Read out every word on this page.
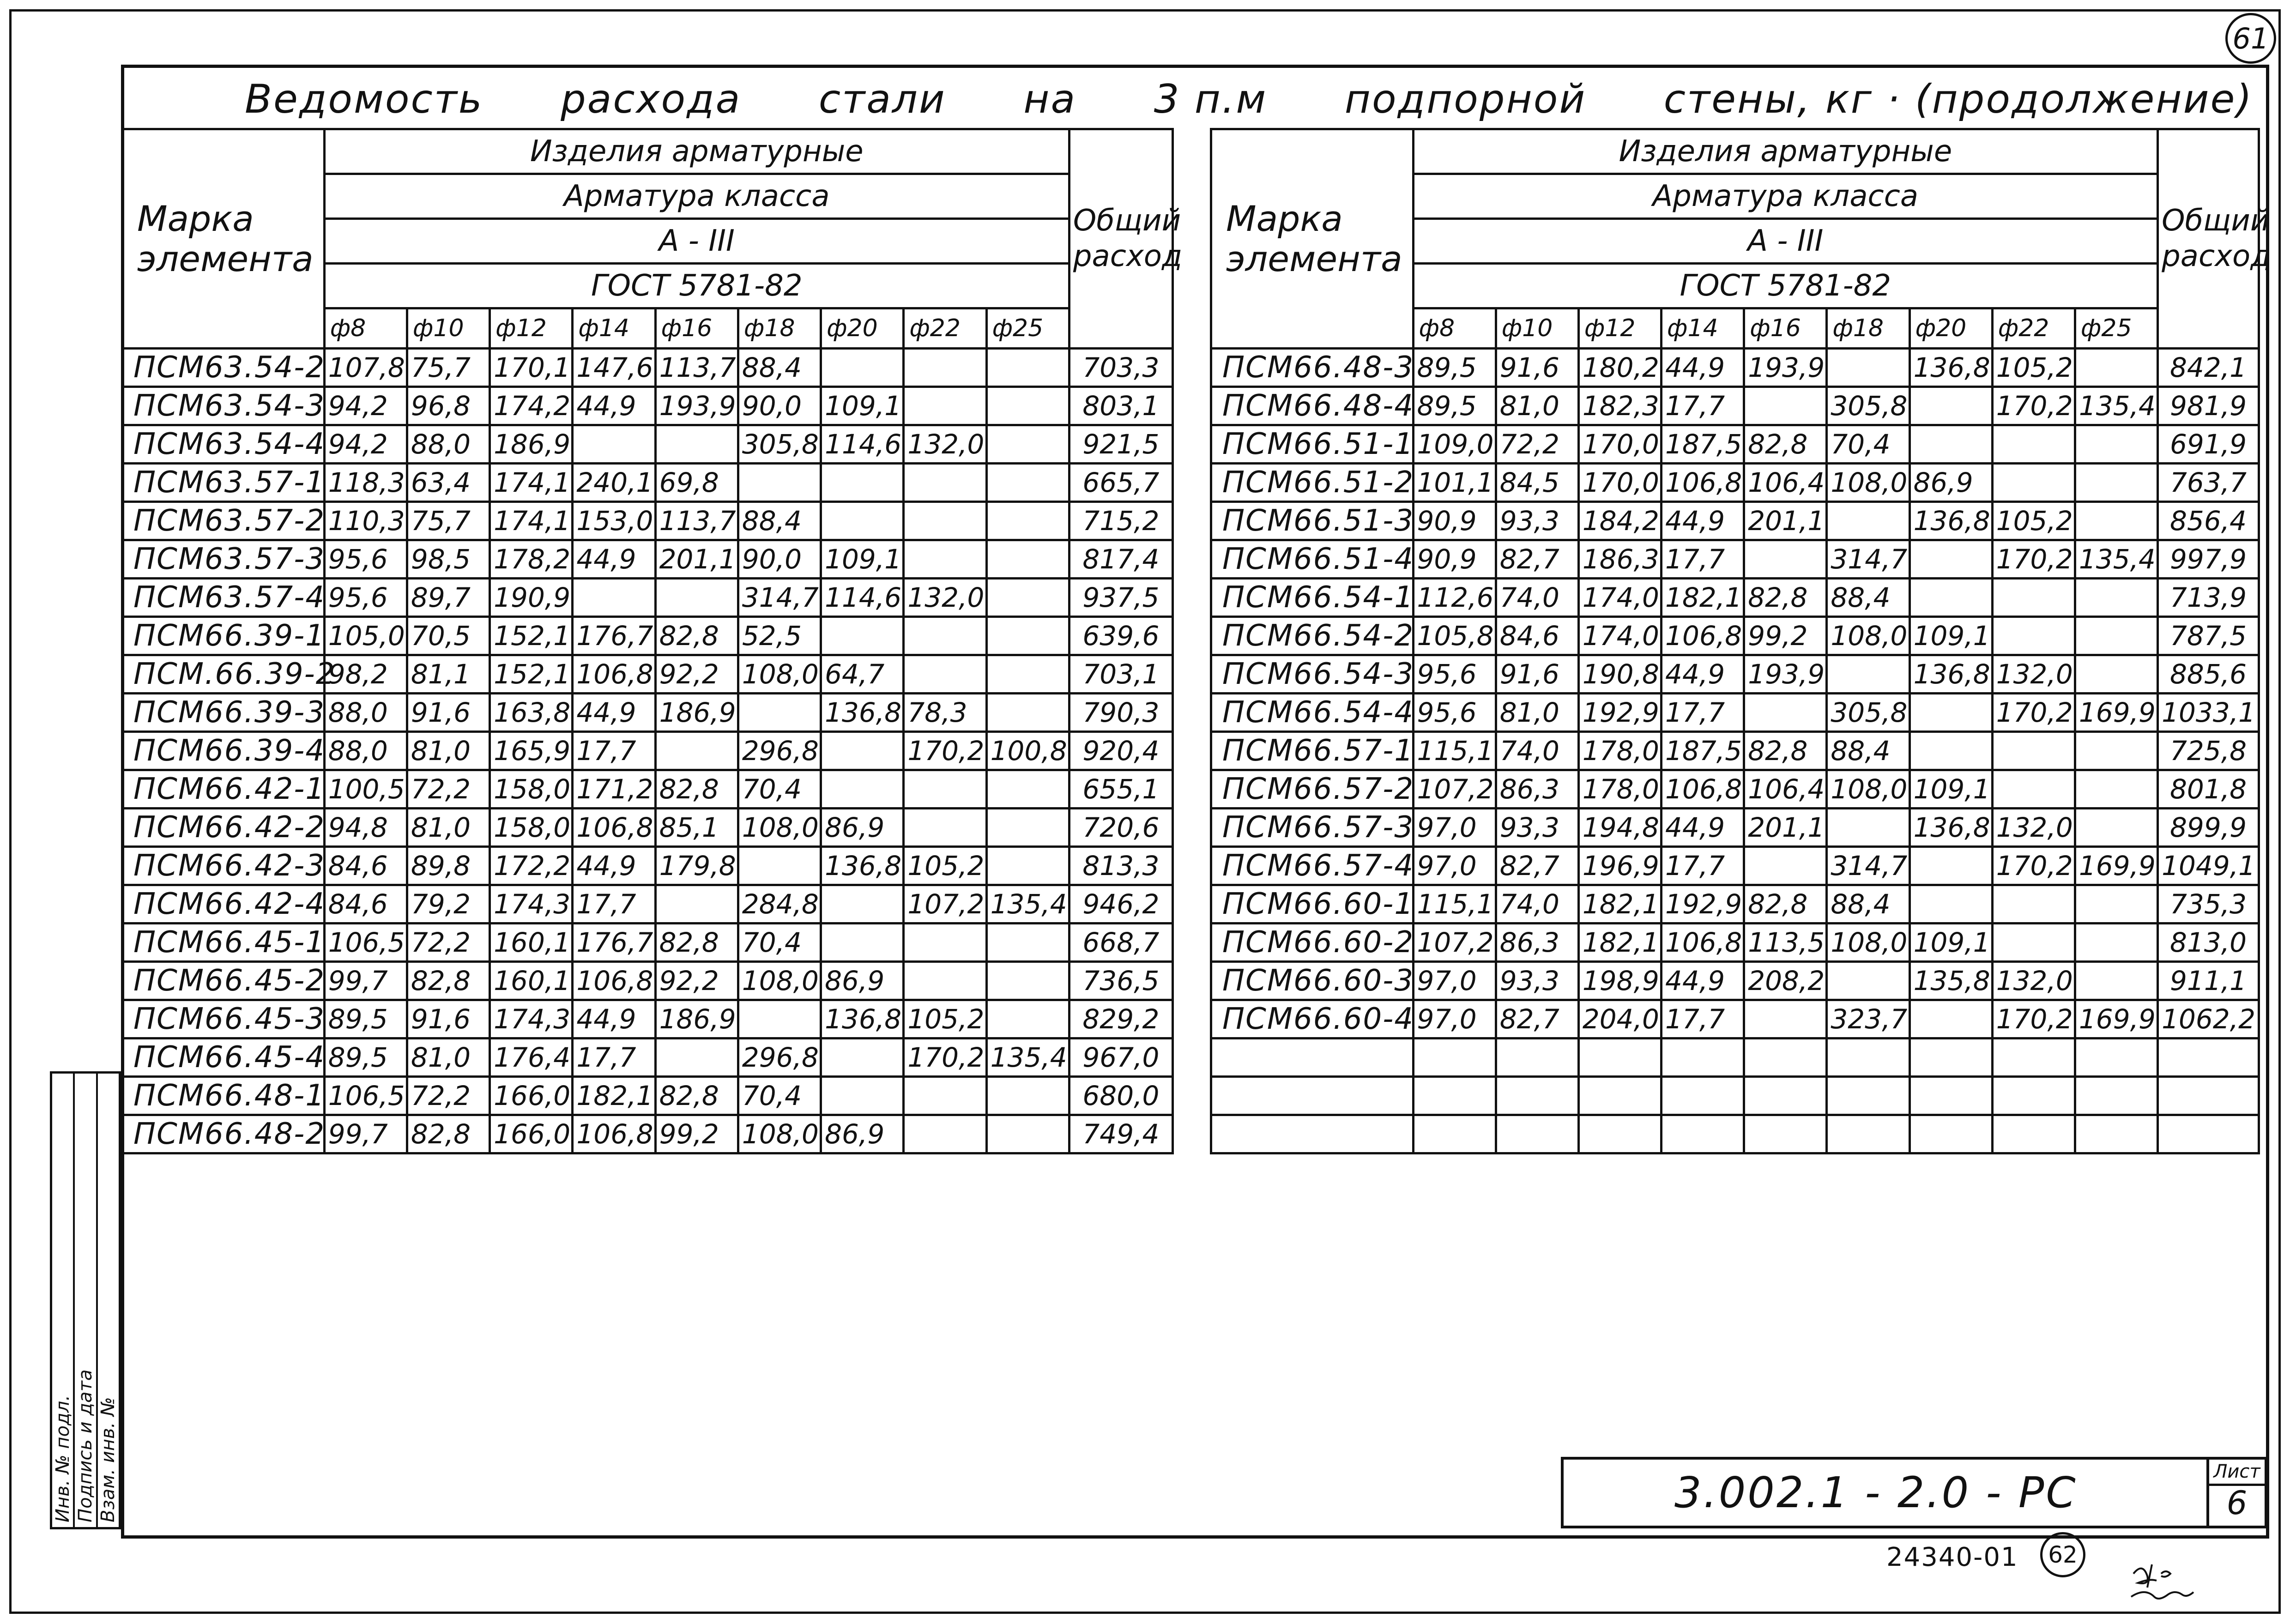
61
Ведомость расхода стали на 3 п.м подпорной стены, кг · (продолжение)
Марка элемента	Изделия арматурные									Общий расход
	Арматура класса									
	А - III									
	ГОСТ 5781-82									
	ф8	ф10	ф12	ф14	ф16	ф18	ф20	ф22	ф25	
ПСМ63.54-2	107,8	75,7	170,1	147,6	113,7	88,4				703,3
ПСМ63.54-3	94,2	96,8	174,2	44,9	193,9	90,0	109,1			803,1
ПСМ63.54-4	94,2	88,0	186,9			305,8	114,6	132,0		921,5
ПСМ63.57-1	118,3	63,4	174,1	240,1	69,8					665,7
ПСМ63.57-2	110,3	75,7	174,1	153,0	113,7	88,4				715,2
ПСМ63.57-3	95,6	98,5	178,2	44,9	201,1	90,0	109,1			817,4
ПСМ63.57-4	95,6	89,7	190,9			314,7	114,6	132,0		937,5
ПСМ66.39-1	105,0	70,5	152,1	176,7	82,8	52,5				639,6
ПСМ.66.39-2	98,2	81,1	152,1	106,8	92,2	108,0	64,7			703,1
ПСМ66.39-3	88,0	91,6	163,8	44,9	186,9		136,8	78,3		790,3
ПСМ66.39-4	88,0	81,0	165,9	17,7		296,8		170,2	100,8	920,4
ПСМ66.42-1	100,5	72,2	158,0	171,2	82,8	70,4				655,1
ПСМ66.42-2	94,8	81,0	158,0	106,8	85,1	108,0	86,9			720,6
ПСМ66.42-3	84,6	89,8	172,2	44,9	179,8		136,8	105,2		813,3
ПСМ66.42-4	84,6	79,2	174,3	17,7		284,8		107,2	135,4	946,2
ПСМ66.45-1	106,5	72,2	160,1	176,7	82,8	70,4				668,7
ПСМ66.45-2	99,7	82,8	160,1	106,8	92,2	108,0	86,9			736,5
ПСМ66.45-3	89,5	91,6	174,3	44,9	186,9		136,8	105,2		829,2
ПСМ66.45-4	89,5	81,0	176,4	17,7		296,8		170,2	135,4	967,0
ПСМ66.48-1	106,5	72,2	166,0	182,1	82,8	70,4				680,0
ПСМ66.48-2	99,7	82,8	166,0	106,8	99,2	108,0	86,9			749,4
Марка элемента	Изделия арматурные									Общий расход
	Арматура класса									
	А - III									
	ГОСТ 5781-82									
	ф8	ф10	ф12	ф14	ф16	ф18	ф20	ф22	ф25	
ПСМ66.48-3	89,5	91,6	180,2	44,9	193,9		136,8	105,2		842,1
ПСМ66.48-4	89,5	81,0	182,3	17,7		305,8		170,2	135,4	981,9
ПСМ66.51-1	109,0	72,2	170,0	187,5	82,8	70,4				691,9
ПСМ66.51-2	101,1	84,5	170,0	106,8	106,4	108,0	86,9			763,7
ПСМ66.51-3	90,9	93,3	184,2	44,9	201,1		136,8	105,2		856,4
ПСМ66.51-4	90,9	82,7	186,3	17,7		314,7		170,2	135,4	997,9
ПСМ66.54-1	112,6	74,0	174,0	182,1	82,8	88,4				713,9
ПСМ66.54-2	105,8	84,6	174,0	106,8	99,2	108,0	109,1			787,5
ПСМ66.54-3	95,6	91,6	190,8	44,9	193,9		136,8	132,0		885,6
ПСМ66.54-4	95,6	81,0	192,9	17,7		305,8		170,2	169,9	1033,1
ПСМ66.57-1	115,1	74,0	178,0	187,5	82,8	88,4				725,8
ПСМ66.57-2	107,2	86,3	178,0	106,8	106,4	108,0	109,1			801,8
ПСМ66.57-3	97,0	93,3	194,8	44,9	201,1		136,8	132,0		899,9
ПСМ66.57-4	97,0	82,7	196,9	17,7		314,7		170,2	169,9	1049,1
ПСМ66.60-1	115,1	74,0	182,1	192,9	82,8	88,4				735,3
ПСМ66.60-2	107,2	86,3	182,1	106,8	113,5	108,0	109,1			813,0
ПСМ66.60-3	97,0	93,3	198,9	44,9	208,2		135,8	132,0		911,1
ПСМ66.60-4	97,0	82,7	204,0	17,7		323,7		170,2	169,9	1062,2

Инв. № подл. Подпись и дата Взам. инв. №	3.002.1 - 2.0 - РС	Лист
6
24340-01 62
